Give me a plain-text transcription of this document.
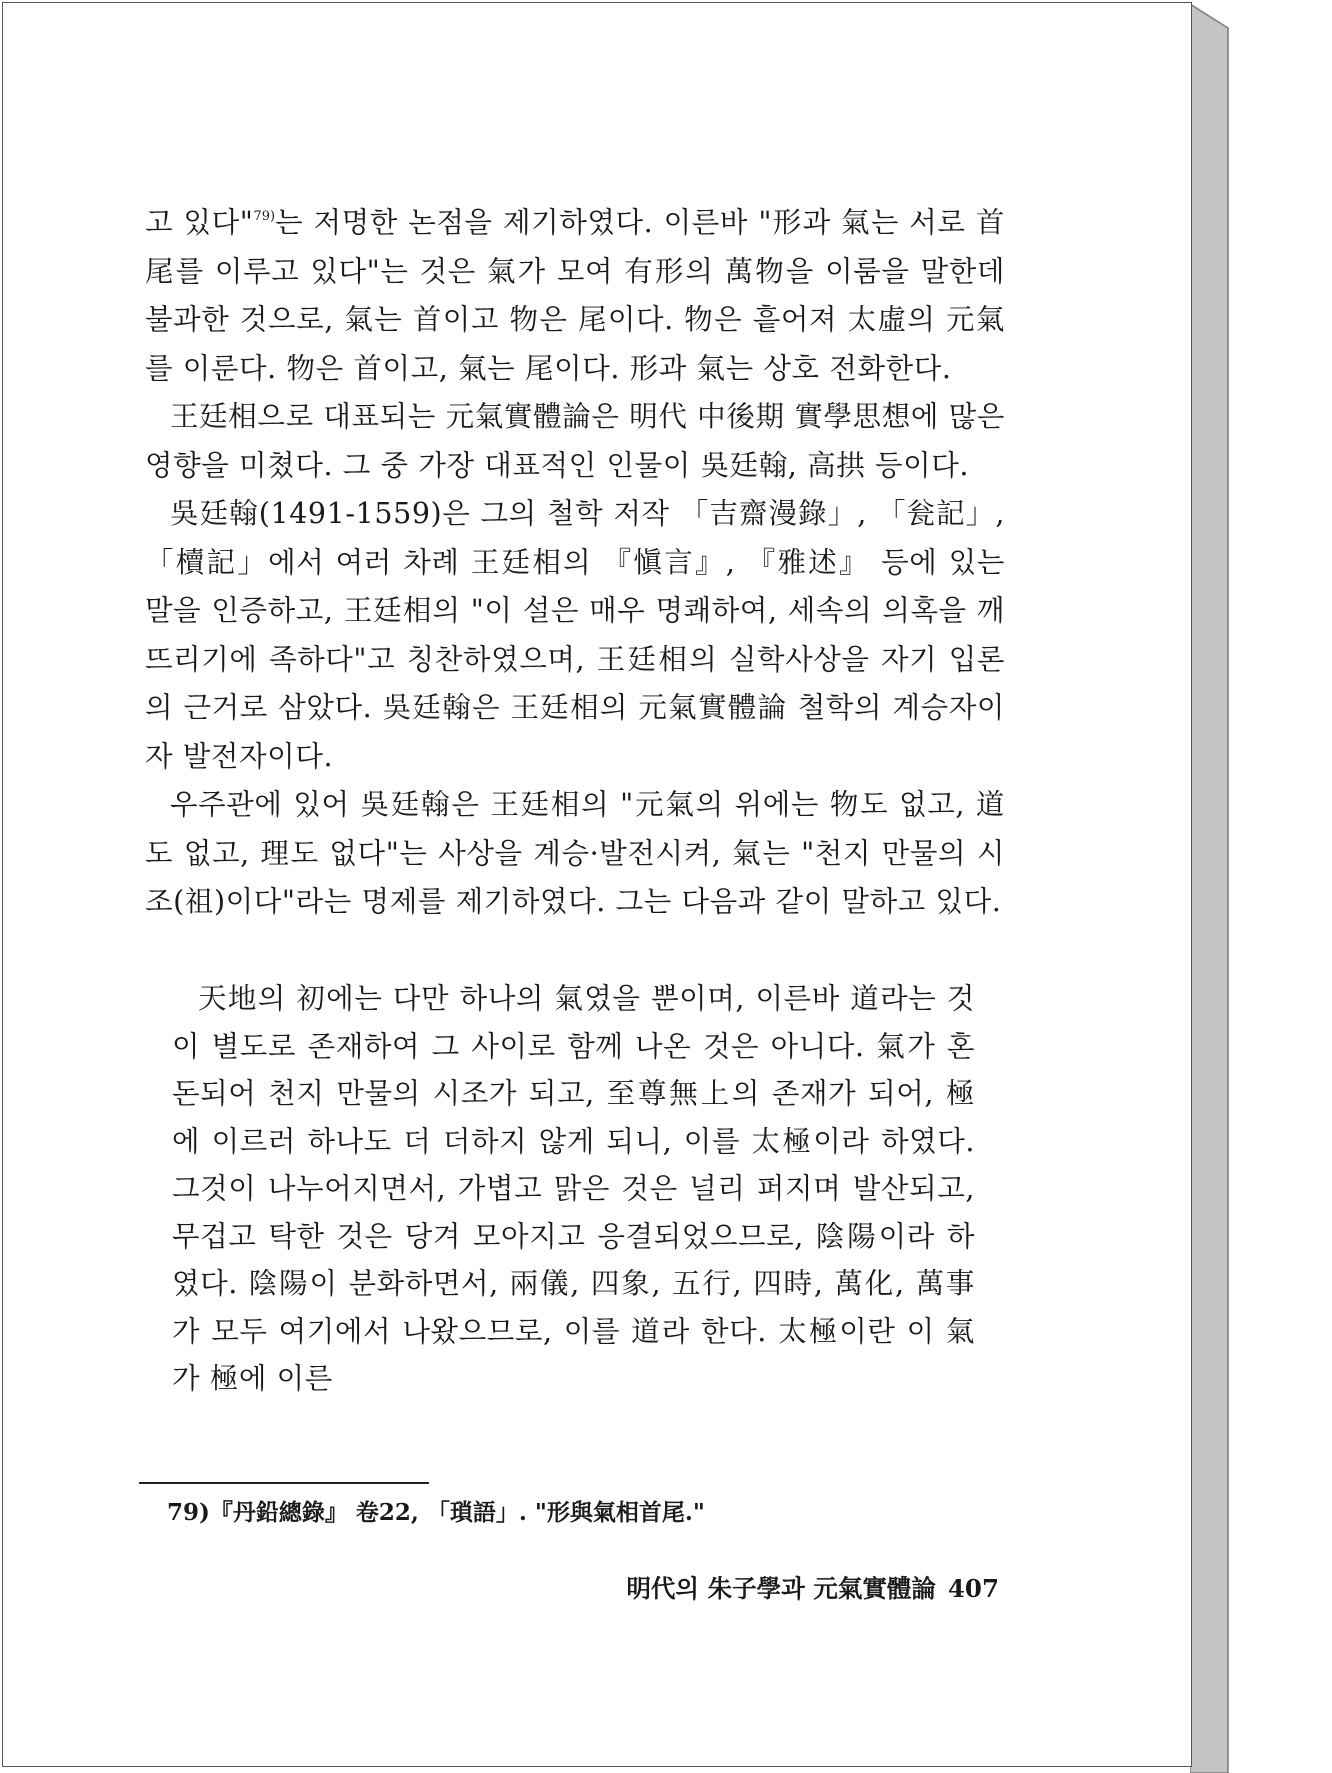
고 있다"$^{79)}$는 저명한 논점을 제기하였다. 이른바 "形과 氣는 서로 首尾를 이루고 있다"는 것은 氣가 모여 有形의 萬物을 이룸을 말한데 불과한 것으로, 氣는 首이고 物은 尾이다. 物은 흩어져 太虛의 元氣를 이룬다. 物은 首이고, 氣는 尾이다. 形과 氣는 상호 전화한다.

王廷相으로 대표되는 元氣實體論은 明代 中後期 實學思想에 많은 영향을 미쳤다. 그 중 가장 대표적인 인물이 吳廷翰, 高拱 등이다.

吳廷翰(1491-1559)은 그의 철학 저작 「吉齋漫錄」, 「瓮記」, 「櫝記」에서 여러 차례 王廷相의 『愼言』, 『雅述』 등에 있는 말을 인증하고, 王廷相의 "이 설은 매우 명쾌하여, 세속의 의혹을 깨뜨리기에 족하다"고 칭찬하였으며, 王廷相의 실학사상을 자기 입론의 근거로 삼았다. 吳廷翰은 王廷相의 元氣實體論 철학의 계승자이자 발전자이다.

우주관에 있어 吳廷翰은 王廷相의 "元氣의 위에는 物도 없고, 道도 없고, 理도 없다"는 사상을 계승·발전시켜, 氣는 "천지 만물의 시조(祖)이다"라는 명제를 제기하였다. 그는 다음과 같이 말하고 있다.

天地의 初에는 다만 하나의 氣였을 뿐이며, 이른바 道라는 것이 별도로 존재하여 그 사이로 함께 나온 것은 아니다. 氣가 혼돈되어 천지 만물의 시조가 되고, 至尊無上의 존재가 되어, 極에 이르러 하나도 더 더하지 않게 되니, 이를 太極이라 하였다. 그것이 나누어지면서, 가볍고 맑은 것은 널리 퍼지며 발산되고, 무겁고 탁한 것은 당겨 모아지고 응결되었으므로, 陰陽이라 하였다. 陰陽이 분화하면서, 兩儀, 四象, 五行, 四時, 萬化, 萬事가 모두 여기에서 나왔으므로, 이를 道라 한다. 太極이란 이 氣가 極에 이른

79)『丹鉛總錄』 卷22, 「瑣語」. "形與氣相首尾."
明代의 朱子學과 元氣實體論 407
